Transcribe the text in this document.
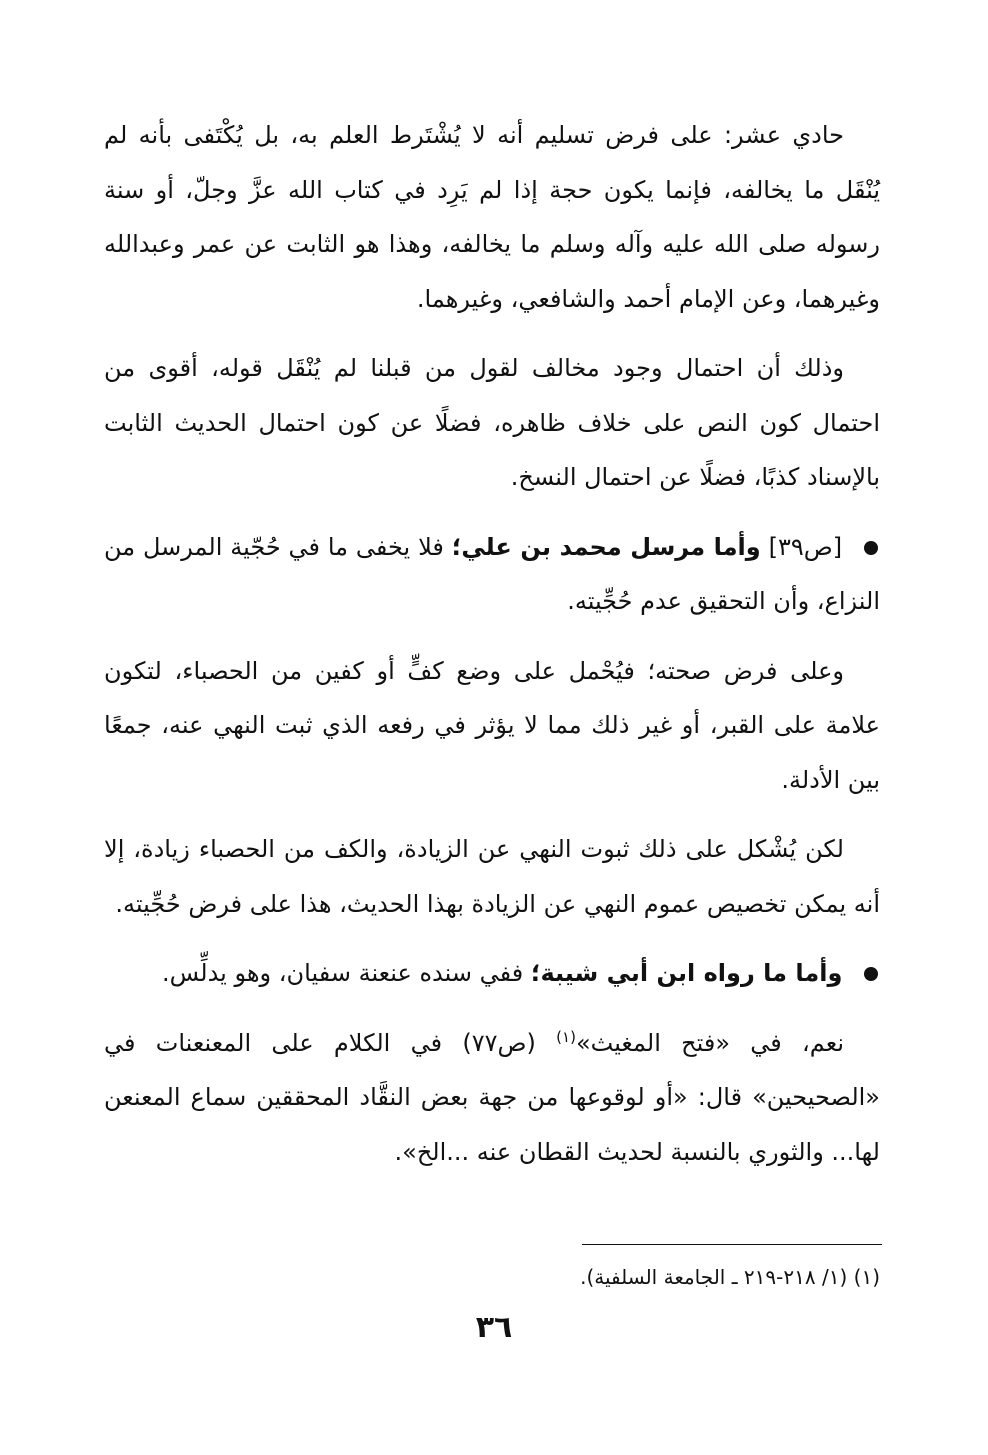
حادي عشر: على فرض تسليم أنه لا يُشْتَرط العلم به، بل يُكْتَفى بأنه لم يُنْقَل ما يخالفه، فإنما يكون حجة إذا لم يَرِد في كتاب الله عزَّ وجلّ، أو سنة رسوله صلى الله عليه وآله وسلم ما يخالفه، وهذا هو الثابت عن عمر وعبدالله وغيرهما، وعن الإمام أحمد والشافعي، وغيرهما.

وذلك أن احتمال وجود مخالف لقول من قبلنا لم يُنْقَل قوله، أقوى من احتمال كون النص على خلاف ظاهره، فضلًا عن كون احتمال الحديث الثابت بالإسناد كذبًا، فضلًا عن احتمال النسخ.

[ص٣٩] وأما مرسل محمد بن علي؛ فلا يخفى ما في حُجّية المرسل من النزاع، وأن التحقيق عدم حُجِّيته.

وعلى فرض صحته؛ فيُحْمل على وضع كفٍّ أو كفين من الحصباء، لتكون علامة على القبر، أو غير ذلك مما لا يؤثر في رفعه الذي ثبت النهي عنه، جمعًا بين الأدلة.

لكن يُشْكل على ذلك ثبوت النهي عن الزيادة، والكف من الحصباء زيادة، إلا أنه يمكن تخصيص عموم النهي عن الزيادة بهذا الحديث، هذا على فرض حُجِّيته.

وأما ما رواه ابن أبي شيبة؛ ففي سنده عنعنة سفيان، وهو يدلِّس.

نعم، في «فتح المغيث»$^{(١)}$ (ص٧٧) في الكلام على المعنعنات في «الصحيحين» قال: «أو لوقوعها من جهة بعض النقَّاد المحققين سماع المعنعن لها... والثوري بالنسبة لحديث القطان عنه ...الخ».

(١) (١/ ٢١٨-٢١٩ ـ الجامعة السلفية).
٣٦
